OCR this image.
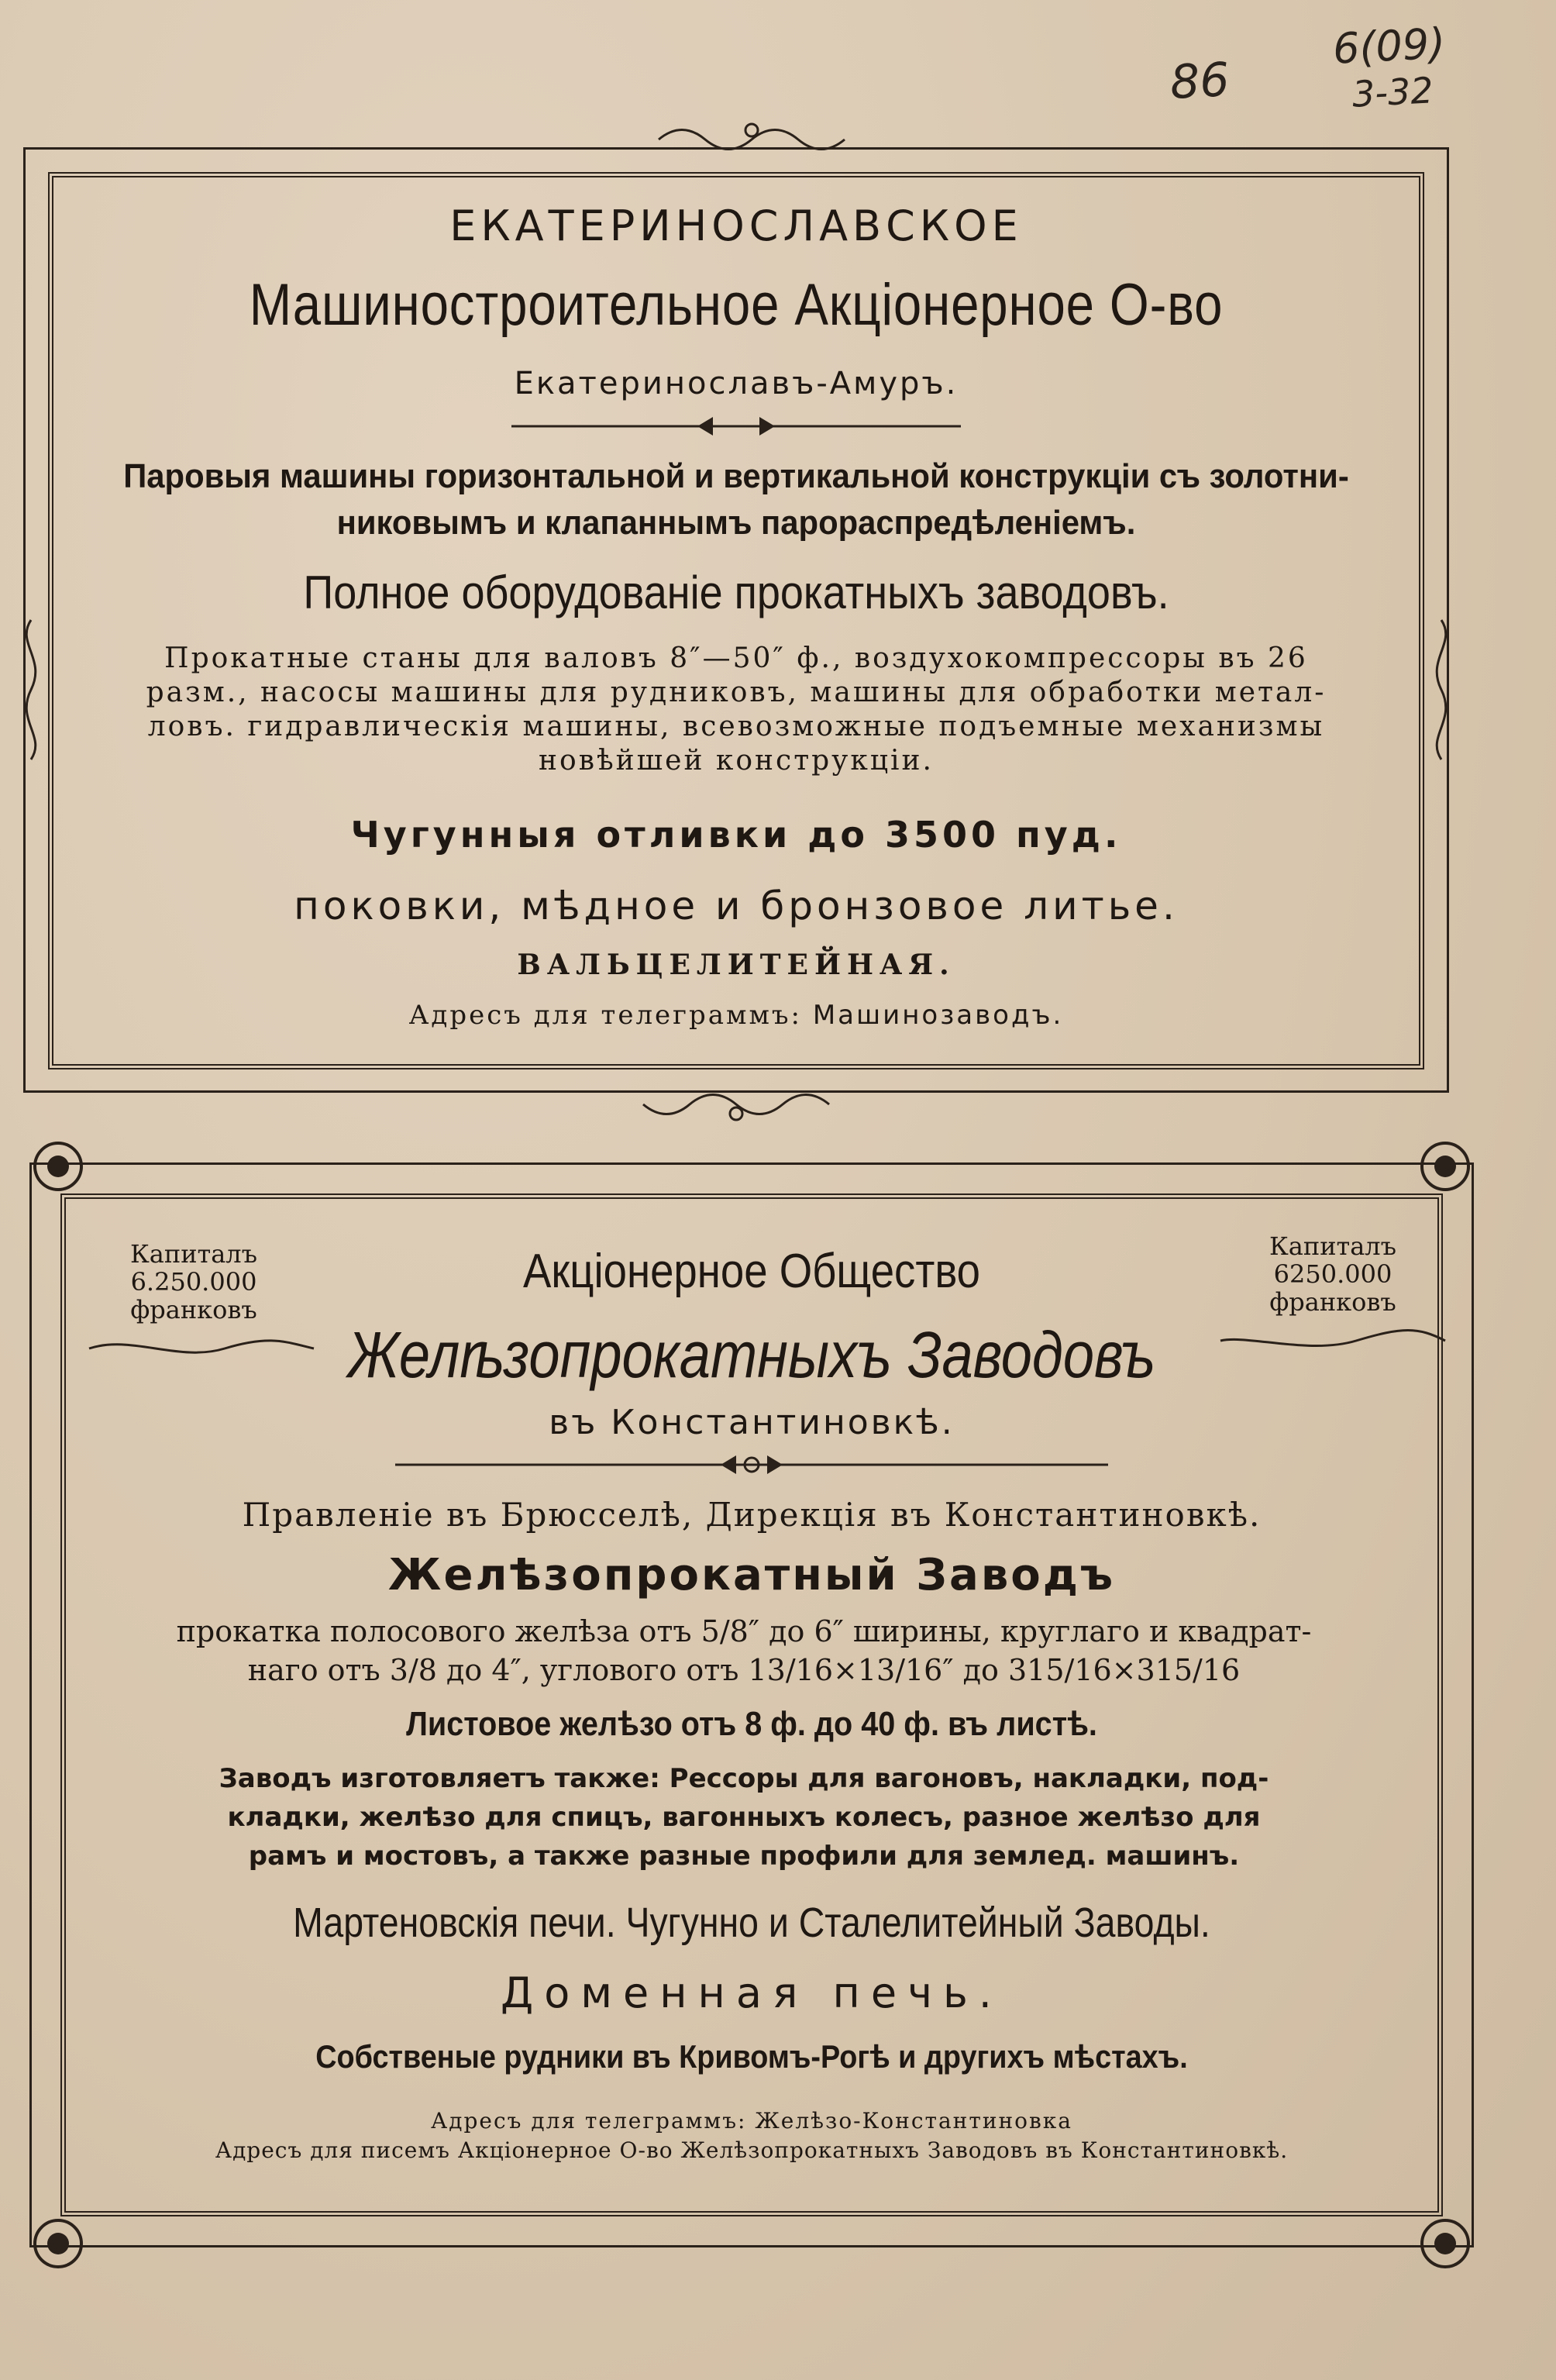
86
6(09)
3-32
ЕКАТЕРИНОСЛАВСКОЕ
Машиностроительное Акцiонерное О-во
Екатеринославъ-Амуръ.
Паровыя машины горизонтальной и вертикальной конструкцiи съ золотни-
никовымъ и клапаннымъ парораспредѣленiемъ.
Полное оборудованiе прокатныхъ заводовъ.
Прокатные станы для валовъ 8″—50″ ф., воздухокомпрессоры въ 26
разм., насосы машины для рудниковъ, машины для обработки метал-
ловъ. гидравлическiя машины, всевозможные подъемные механизмы
новѣйшей конструкцiи.
Чугунныя отливки до 3500 пуд.
поковки, мѣдное и бронзовое литье.
ВАЛЬЦЕЛИТЕЙНАЯ.
Адресъ для телеграммъ: Машинозаводъ.
Капиталъ
6.250.000
франковъ
Капиталъ
6250.000
франковъ
Акцiонерное Общество
Желѣзопрокатныхъ Заводовъ
въ Константиновкѣ.
Правленiе въ Брюсселѣ, Дирекцiя въ Константиновкѣ.
Желѣзопрокатный Заводъ
прокатка полосового желѣза отъ 5/8″ до 6″ ширины, круглаго и квадрат-
наго отъ 3/8 до 4″, углового отъ 13/16×13/16″ до 315/16×315/16
Листовое желѣзо отъ 8 ф. до 40 ф. въ листѣ.
Заводъ изготовляетъ также: Рессоры для вагоновъ, накладки, под-
кладки, желѣзо для спицъ, вагонныхъ колесъ, разное желѣзо для
рамъ и мостовъ, а также разные профили для землед. машинъ.
Мартеновскiя печи. Чугунно и Сталелитейный Заводы.
Доменная печь.
Собственые рудники въ Кривомъ-Рогѣ и другихъ мѣстахъ.
Адресъ для телеграммъ: Желѣзо-Константиновка
Адресъ для писемъ Акцiонерное О-во Желѣзопрокатныхъ Заводовъ въ Константиновкѣ.
